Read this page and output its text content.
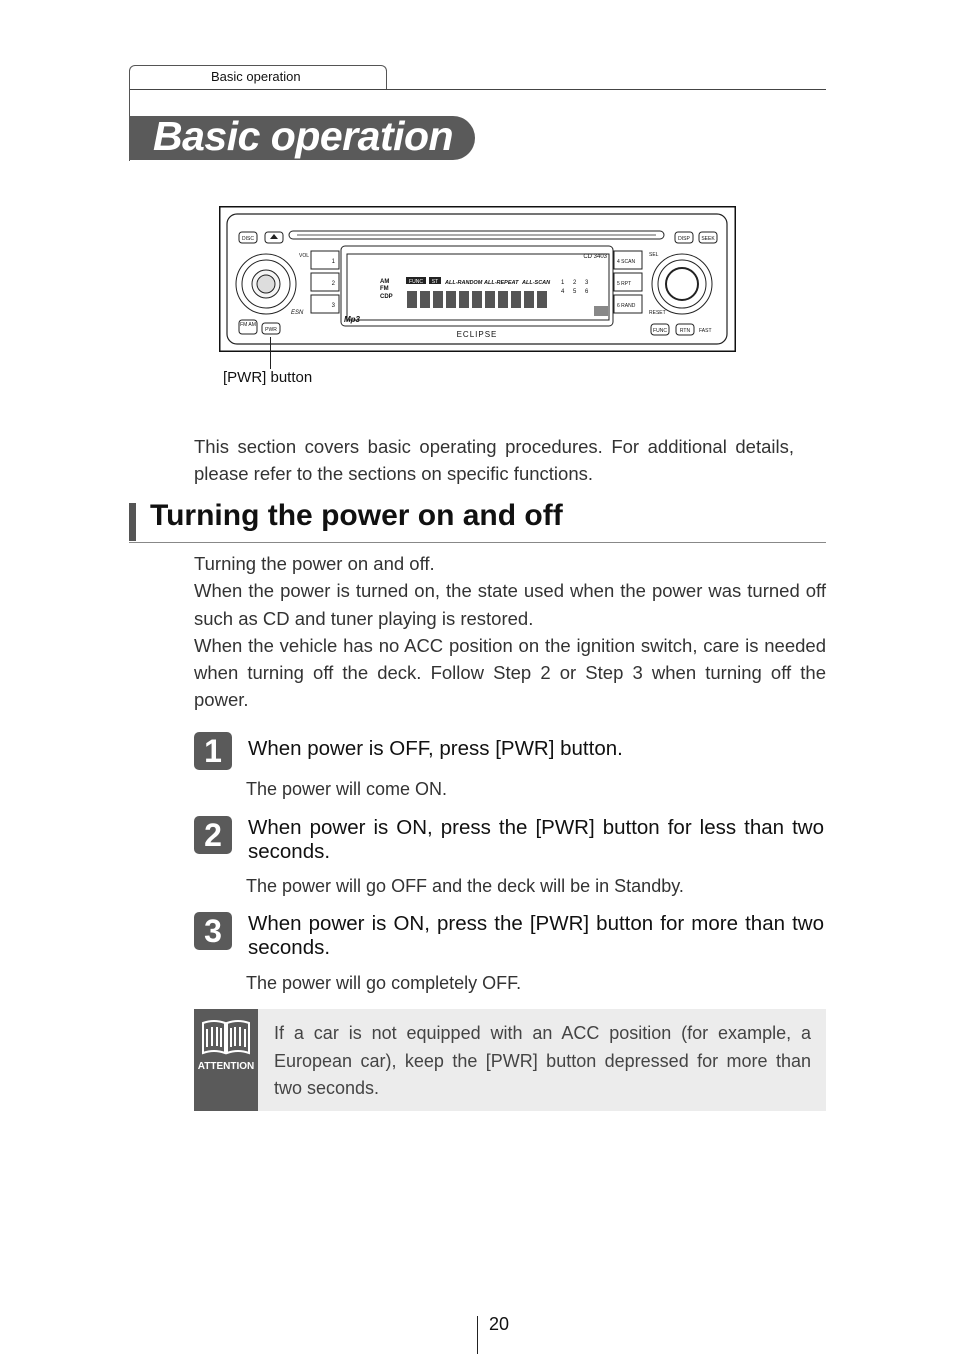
Basic operation
Basic operation
DISC
VOL
FM AM
PWR
ESN
1
2
3
CD 3403
AM
FM
CDP
FUNC ST ALL-RANDOM ALL-REPEAT ALL-SCAN 1 2 3
4 5 6
Mp3
ECLIPSE
4 SCAN
5 RPT
6 RAND
DISP SEEK
SEL
RESET
FUNC	RTN FAST
[PWR] button
This section covers basic operating procedures. For additional details, please refer to the sections on specific functions.
Turning the power on and off

Turning the power on and off.

When the power is turned on, the state used when the power was turned off such as CD and tuner playing is restored.

When the vehicle has no ACC position on the ignition switch, care is needed when turning off the deck. Follow Step 2 or Step 3 when turning off the power.

1	When power is OFF, press [PWR] button.
The power will come ON.
2	When power is ON, press the [PWR] button for less than two seconds.
The power will go OFF and the deck will be in Standby.
3	When power is ON, press the [PWR] button for more than two seconds.
The power will go completely OFF.
ATTENTION
If a car is not equipped with an ACC position (for example, a European car), keep the [PWR] button depressed for more than two seconds.
20
